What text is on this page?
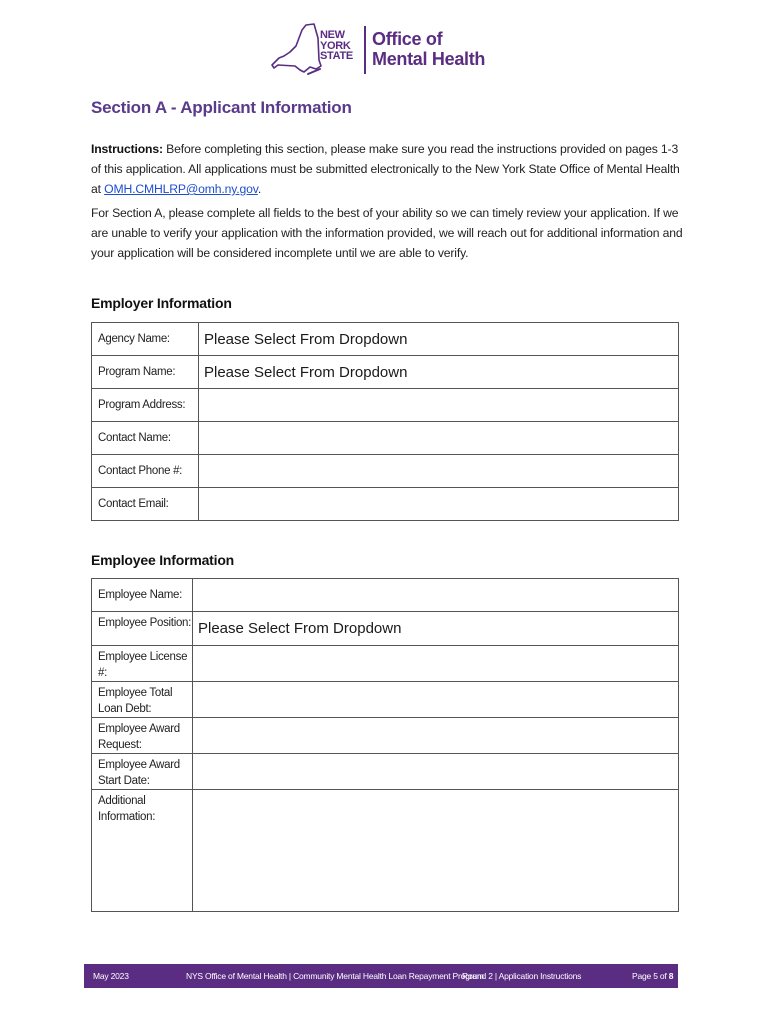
NEW
YORK
STATE
Office of
Mental Health
Section A - Applicant Information
Instructions: Before completing this section, please make sure you read the instructions provided on pages 1-3 of this application. All applications must be submitted electronically to the New York State Office of Mental Health at OMH.CMHLRP@omh.ny.gov.
For Section A, please complete all fields to the best of your ability so we can timely review your application. If we are unable to verify your application with the information provided, we will reach out for additional information and your application will be considered incomplete until we are able to verify.
Employer Information
Agency Name:	Please Select From Dropdown
Program Name:	Please Select From Dropdown
Program Address:	
Contact Name:	
Contact Phone #:	
Contact Email:	
Employee Information
Employee Name:	
Employee Position:	Please Select From Dropdown
Employee License #:	
Employee Total Loan Debt:	
Employee Award Request:	
Employee Award Start Date:	
Additional Information:	
May 2023	NYS Office of Mental Health | Community Mental Health Loan Repayment Program
Round 2 | Application Instructions	Page 5 of 8
